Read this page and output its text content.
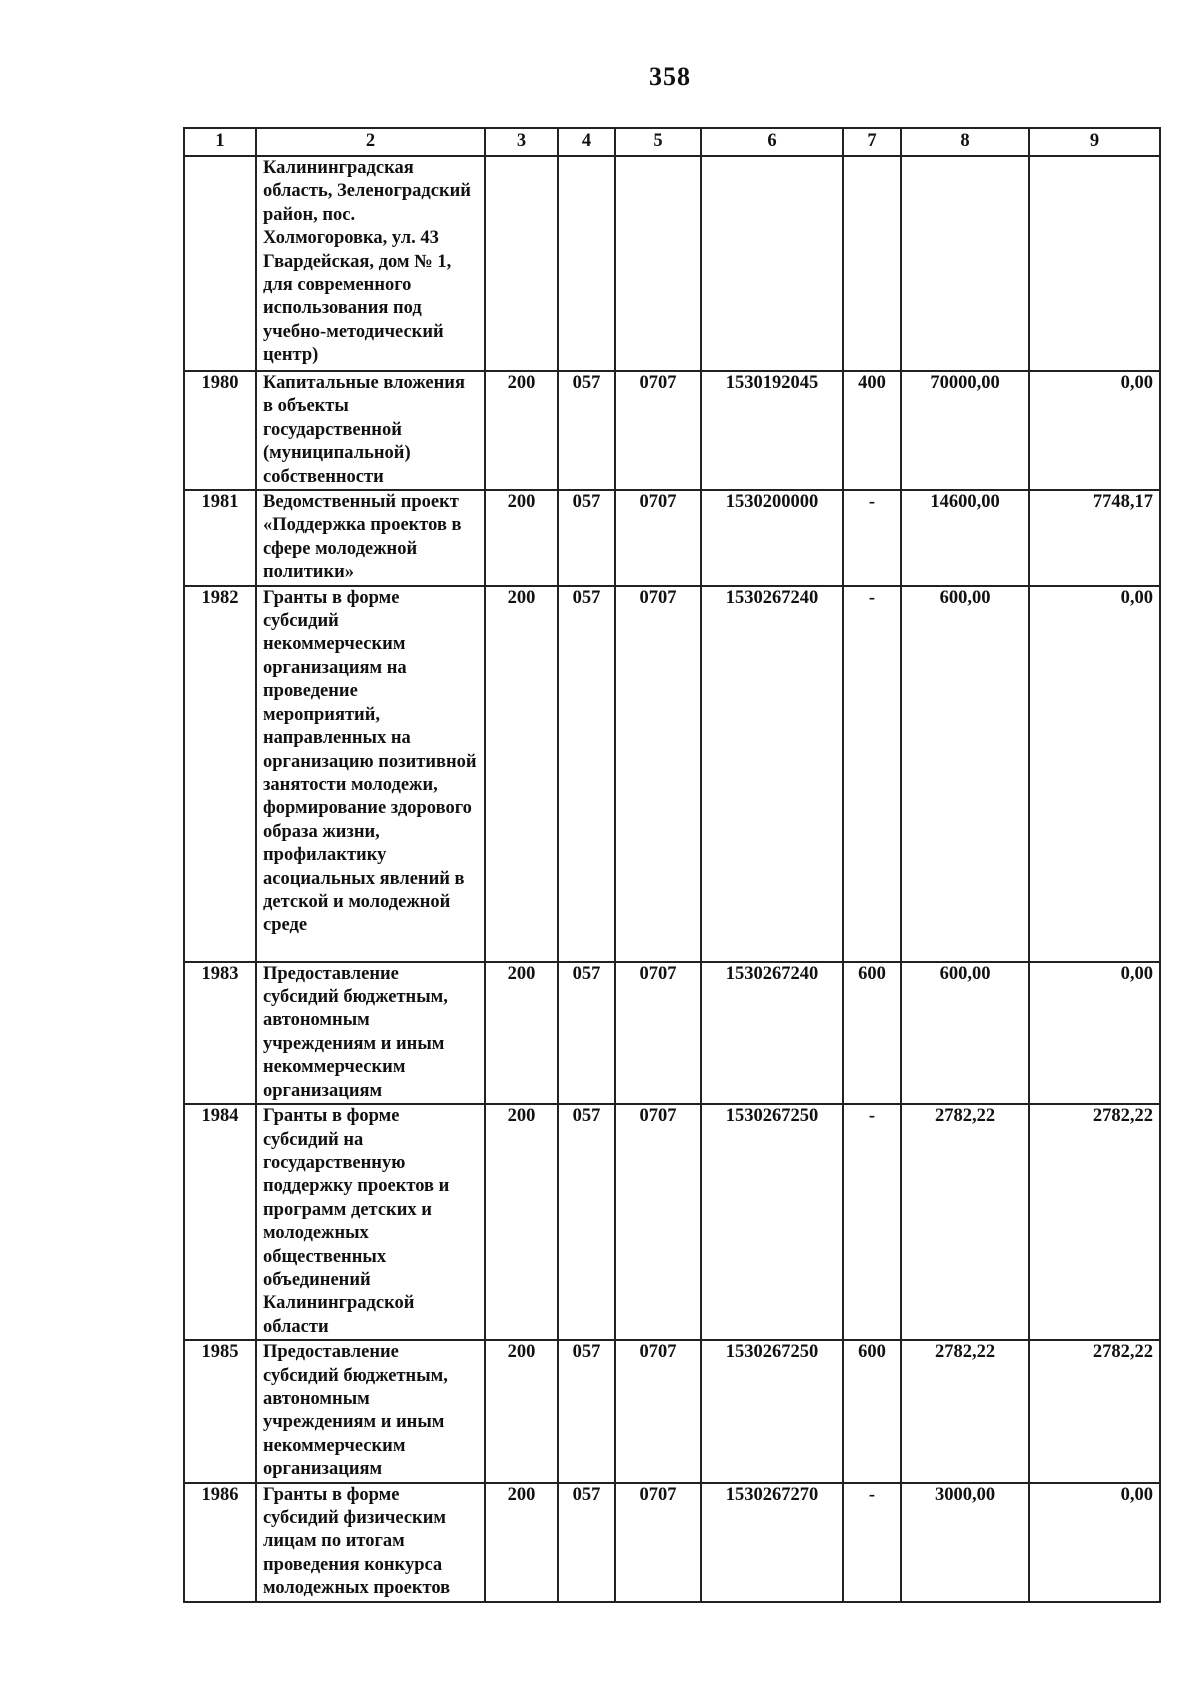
358
1	2	3	4	5	6	7	8	9
	Калининградская область, Зеленоградский район, пос. Холмогоровка, ул. 43 Гвардейская, дом № 1, для современного использования под учебно-методический центр)							
1980	Капитальные вложения в объекты государственной (муниципальной) собственности	200	057	0707	1530192045	400	70000,00	0,00
1981	Ведомственный проект «Поддержка проектов в сфере молодежной политики»	200	057	0707	1530200000	-	14600,00	7748,17
1982	Гранты в форме субсидий некоммерческим организациям на проведение мероприятий, направленных на организацию позитивной занятости молодежи, формирование здорового образа жизни, профилактику асоциальных явлений в детской и молодежной среде	200	057	0707	1530267240	-	600,00	0,00
1983	Предоставление субсидий бюджетным, автономным учреждениям и иным некоммерческим организациям	200	057	0707	1530267240	600	600,00	0,00
1984	Гранты в форме субсидий на государственную поддержку проектов и программ детских и молодежных общественных объединений Калининградской области	200	057	0707	1530267250	-	2782,22	2782,22
1985	Предоставление субсидий бюджетным, автономным учреждениям и иным некоммерческим организациям	200	057	0707	1530267250	600	2782,22	2782,22
1986	Гранты в форме субсидий физическим лицам по итогам проведения конкурса молодежных проектов	200	057	0707	1530267270	-	3000,00	0,00
